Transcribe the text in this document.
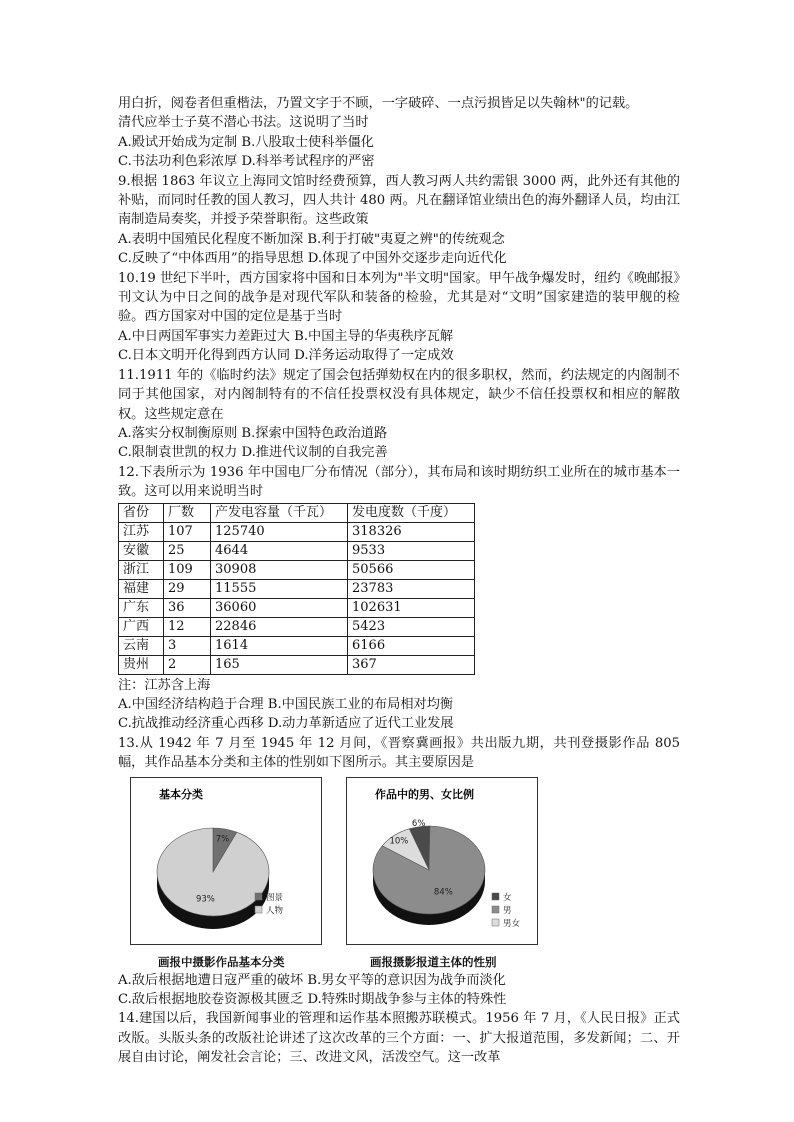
用白折，阅卷者但重楷法，乃置文字于不顾，一字破碎、一点污损皆足以失翰林"的记载。

清代应举士子莫不潜心书法。这说明了当时

A.殿试开始成为定制 B.八股取士使科举僵化

C.书法功利色彩浓厚 D.科举考试程序的严密

9.根据 1863 年议立上海同文馆时经费预算，西人教习两人共约需银 3000 两，此外还有其他的补贴，而同时任教的国人教习，四人共计 480 两。凡在翻译馆业绩出色的海外翻译人员，均由江南制造局奏奖，并授予荣誉职衔。这些政策

A.表明中国殖民化程度不断加深 B.利于打破"夷夏之辨"的传统观念

C.反映了“中体西用”的指导思想 D.体现了中国外交逐步走向近代化

10.19 世纪下半叶，西方国家将中国和日本列为"半文明"国家。甲午战争爆发时，纽约《晚邮报》刊文认为中日之间的战争是对现代军队和装备的检验，尤其是对“文明”国家建造的装甲舰的检验。西方国家对中国的定位是基于当时

A.中日两国军事实力差距过大 B.中国主导的华夷秩序瓦解

C.日本文明开化得到西方认同 D.洋务运动取得了一定成效

11.1911 年的《临时约法》规定了国会包括弹劾权在内的很多职权，然而，约法规定的内阁制不同于其他国家，对内阁制特有的不信任投票权没有具体规定，缺少不信任投票权和相应的解散权。这些规定意在

A.落实分权制衡原则 B.探索中国特色政治道路

C.限制袁世凯的权力 D.推进代议制的自我完善

12.下表所示为 1936 年中国电厂分布情况（部分），其布局和该时期纺织工业所在的城市基本一致。这可以用来说明当时

省份	厂数	产发电容量（千瓦）	发电度数（千度）
江苏	107	125740	318326
安徽	25	4644	9533
浙江	109	30908	50566
福建	29	11555	23783
广东	36	36060	102631
广西	12	22846	5423
云南	3	1614	6166
贵州	2	165	367

注：江苏含上海

A.中国经济结构趋于合理 B.中国民族工业的布局相对均衡

C.抗战推动经济重心西移 D.动力革新适应了近代工业发展

13.从 1942 年 7 月至 1945 年 12 月间，《晋察冀画报》共出版九期，共刊登摄影作品 805 幅，其作品基本分类和主体的性别如下图所示。其主要原因是

基本分类
7%
93%	图景
人物
作品中的男、女比例
6%
84%
10%
女
男
男女
画报中摄影作品基本分类	画报摄影报道主体的性别

A.敌后根据地遭日寇严重的破坏 B.男女平等的意识因为战争而淡化

C.敌后根据地胶卷资源极其匮乏 D.特殊时期战争参与主体的特殊性

14.建国以后，我国新闻事业的管理和运作基本照搬苏联模式。1956 年 7 月，《人民日报》正式改版。头版头条的改版社论讲述了这次改革的三个方面：一、扩大报道范围，多发新闻；二、开展自由讨论，阐发社会言论；三、改进文风，活泼空气。这一改革
